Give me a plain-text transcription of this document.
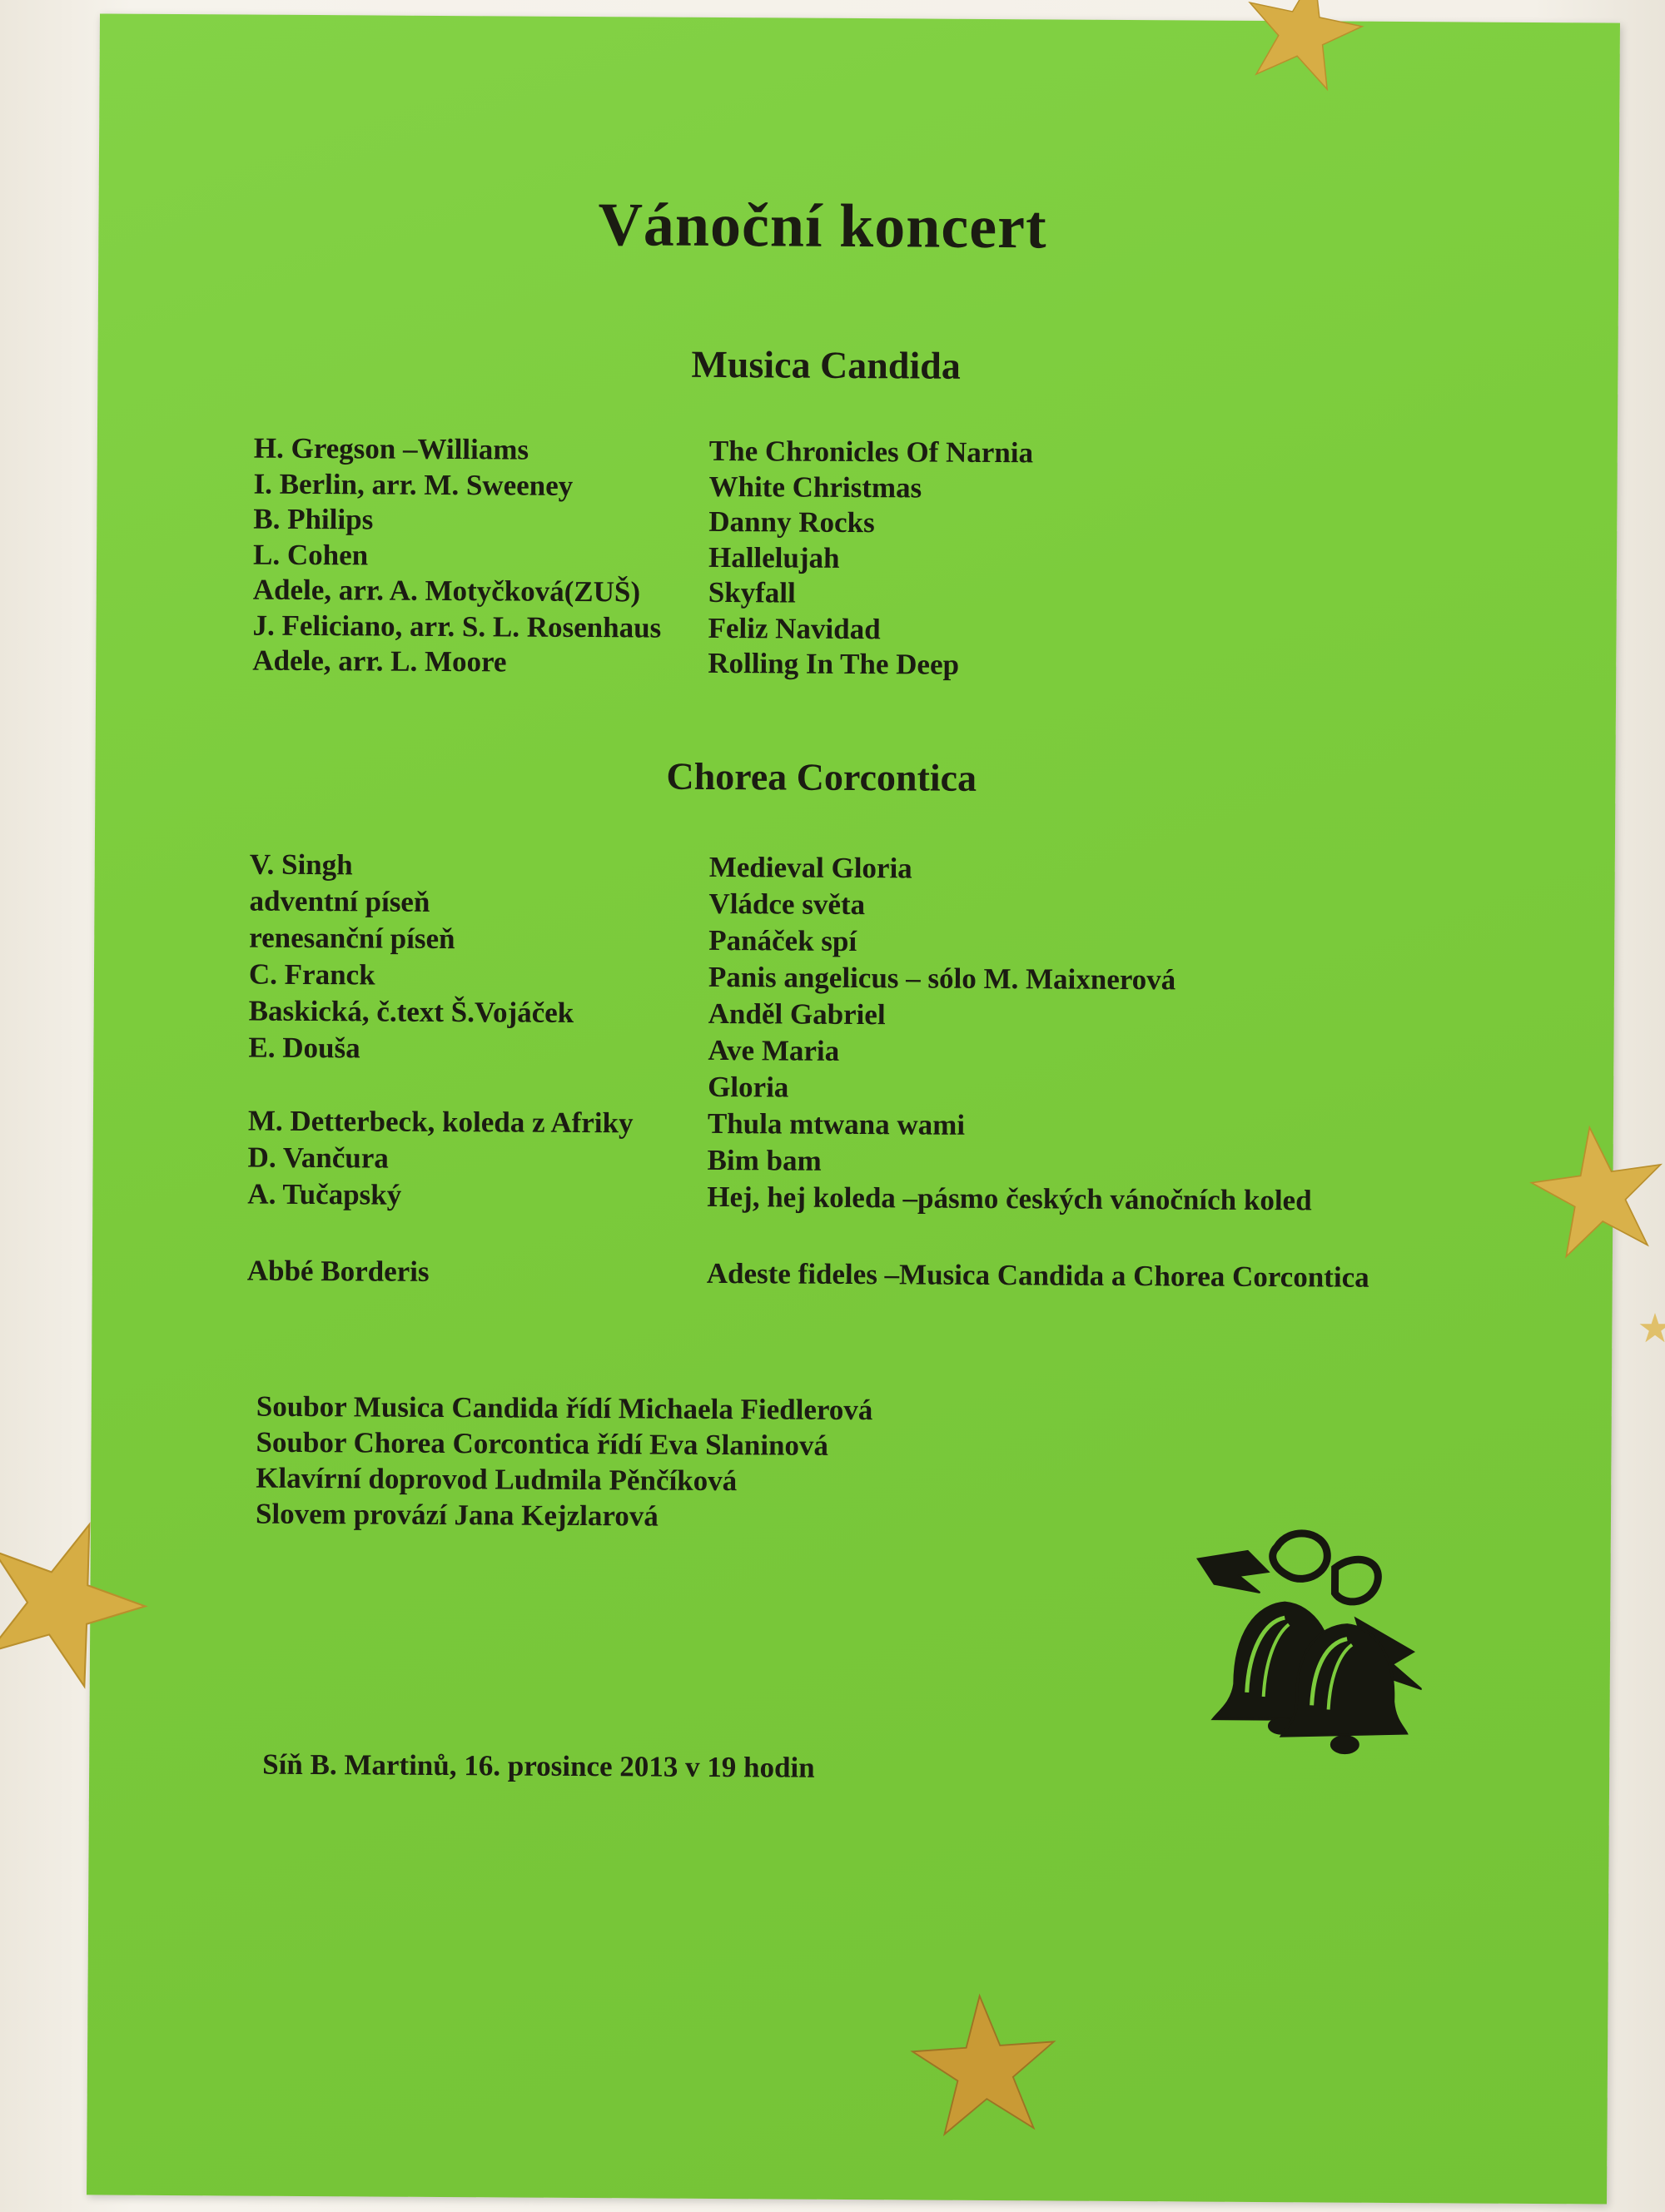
Vánoční koncert
Musica Candida
H. Gregson –Williams
I. Berlin, arr. M. Sweeney
B. Philips
L. Cohen
Adele, arr. A. Motyčková(ZUŠ)
J. Feliciano, arr. S. L. Rosenhaus
Adele, arr. L. Moore
The Chronicles Of Narnia
White Christmas
Danny Rocks
Hallelujah
Skyfall
Feliz Navidad
Rolling In The Deep
Chorea Corcontica
V. Singh
adventní píseň
renesanční píseň
C. Franck
Baskická, č.text Š.Vojáček
E. Douša
M. Detterbeck, koleda z Afriky
D. Vančura
A. Tučapský
Abbé Borderis
Medieval Gloria
Vládce světa
Panáček spí
Panis angelicus – sólo M. Maixnerová
Anděl Gabriel
Ave Maria
Gloria
Thula mtwana wami
Bim bam
Hej, hej koleda –pásmo českých vánočních koled
Adeste fideles –Musica Candida a Chorea Corcontica
Soubor Musica Candida řídí Michaela Fiedlerová
Soubor Chorea Corcontica řídí Eva Slaninová
Klavírní doprovod Ludmila Pěnčíková
Slovem provází Jana Kejzlarová
Síň B. Martinů, 16. prosince 2013 v 19 hodin
